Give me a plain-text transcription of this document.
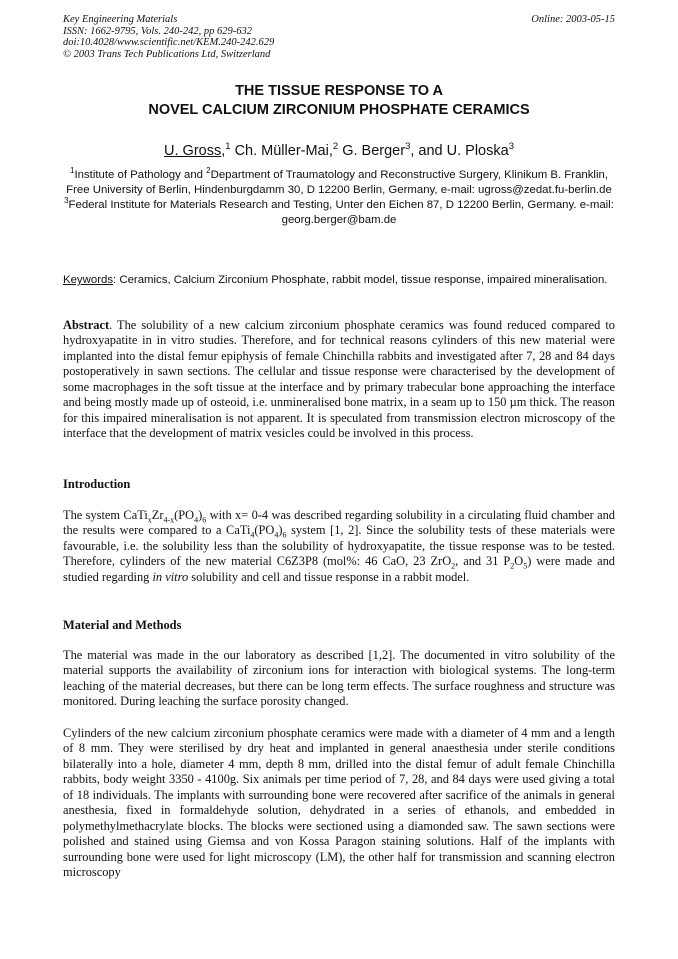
Key Engineering Materials	Online: 2003-05-15
ISSN: 1662-9795, Vols. 240-242, pp 629-632
doi:10.4028/www.scientific.net/KEM.240-242.629
© 2003 Trans Tech Publications Ltd, Switzerland
THE TISSUE RESPONSE TO A
NOVEL CALCIUM ZIRCONIUM PHOSPHATE CERAMICS
U. Gross,$^1$ Ch. Müller-Mai,$^2$ G. Berger$^3$, and U. Ploska$^3$
$^1$Institute of Pathology and $^2$Department of Traumatology and Reconstructive Surgery, Klinikum B. Franklin, Free University of Berlin, Hindenburgdamm 30, D 12200 Berlin, Germany, e-mail: ugross@zedat.fu-berlin.de
$^3$Federal Institute for Materials Research and Testing, Unter den Eichen 87, D 12200 Berlin, Germany. e-mail: georg.berger@bam.de
Keywords: Ceramics, Calcium Zirconium Phosphate, rabbit model, tissue response, impaired mineralisation.

Abstract. The solubility of a new calcium zirconium phosphate ceramics was found reduced compared to hydroxyapatite in in vitro studies. Therefore, and for technical reasons cylinders of this new material were implanted into the distal femur epiphysis of female Chinchilla rabbits and investigated after 7, 28 and 84 days postoperatively in sawn sections. The cellular and tissue response were characterised by the development of some macrophages in the soft tissue at the interface and by primary trabecular bone approaching the interface and being mostly made up of osteoid, i.e. unmineralised bone matrix, in a seam up to 150 µm thick. The reason for this impaired mineralisation is not apparent. It is speculated from transmission electron microscopy of the interface that the development of matrix vesicles could be involved in this process.

Introduction

The system $CaTi_xZr_{4-x}(PO_4)_6$ with x= 0-4 was described regarding solubility in a circulating fluid chamber and the results were compared to a $CaTi_4(PO_4)_6$ system [1, 2]. Since the solubility tests of these materials were favourable, i.e. the solubility less than the solubility of hydroxyapatite, the tissue response was to be tested. Therefore, cylinders of the new material C6Z3P8 (mol%: 46 CaO, 23 ZrO$_2$, and 31 $P_2O_5$) were made and studied regarding in vitro solubility and cell and tissue response in a rabbit model.

Material and Methods

The material was made in the our laboratory as described [1,2]. The documented in vitro solubility of the material supports the availability of zirconium ions for interaction with biological systems. The long-term leaching of the material decreases, but there can be long term effects. The surface roughness and structure was monitored. During leaching the surface porosity changed.

Cylinders of the new calcium zirconium phosphate ceramics were made with a diameter of 4 mm and a length of 8 mm. They were sterilised by dry heat and implanted in general anaesthesia under sterile conditions bilaterally into a hole, diameter 4 mm, depth 8 mm, drilled into the distal femur of adult female Chinchilla rabbits, body weight 3350 - 4100g. Six animals per time period of 7, 28, and 84 days were used giving a total of 18 individuals. The implants with surrounding bone were recovered after sacrifice of the animals in general anesthesia, fixed in formaldehyde solution, dehydrated in a series of ethanols, and embedded in polymethylmethacrylate blocks. The blocks were sectioned using a diamonded saw. The sawn sections were polished and stained using Giemsa and von Kossa Paragon staining solutions. Half of the implants with surrounding bone were used for light microscopy (LM), the other half for transmission and scanning electron microscopy
